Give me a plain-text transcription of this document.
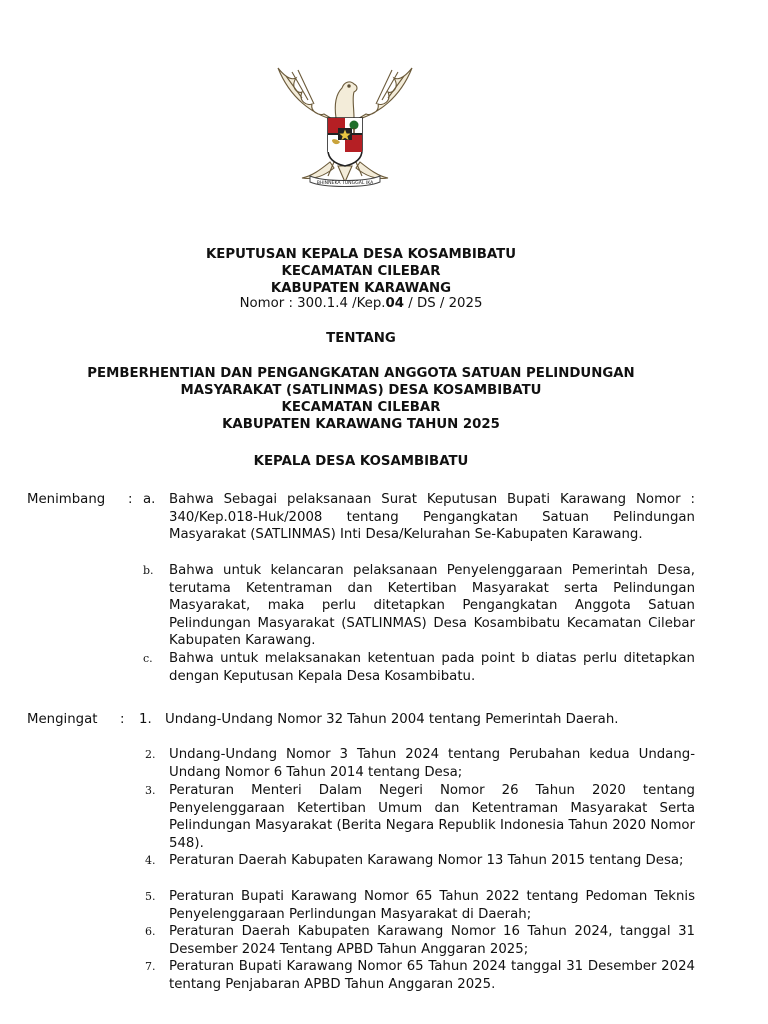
BHINNEKA TUNGGAL IKA
KEPUTUSAN KEPALA DESA KOSAMBIBATU
KECAMATAN CILEBAR
KABUPATEN KARAWANG
Nomor : 300.1.4 /Kep.04 / DS / 2025
TENTANG
PEMBERHENTIAN DAN PENGANGKATAN ANGGOTA SATUAN PELINDUNGAN
MASYARAKAT (SATLINMAS) DESA KOSAMBIBATU
KECAMATAN CILEBAR
KABUPATEN KARAWANG TAHUN 2025
KEPALA DESA KOSAMBIBATU
Menimbang : a. Bahwa Sebagai pelaksanaan Surat Keputusan Bupati Karawang Nomor : 340/Kep.018-Huk/2008 tentang Pengangkatan Satuan Pelindungan Masyarakat (SATLINMAS) Inti Desa/Kelurahan Se-Kabupaten Karawang.
b. Bahwa untuk kelancaran pelaksanaan Penyelenggaraan Pemerintah Desa, terutama Ketentraman dan Ketertiban Masyarakat serta Pelindungan Masyarakat, maka perlu ditetapkan Pengangkatan Anggota Satuan Pelindungan Masyarakat (SATLINMAS) Desa Kosambibatu Kecamatan Cilebar Kabupaten Karawang.
c. Bahwa untuk melaksanakan ketentuan pada point b diatas perlu ditetapkan dengan Keputusan Kepala Desa Kosambibatu.
Mengingat : 1. Undang-Undang Nomor 32 Tahun 2004 tentang Pemerintah Daerah.
2. Undang-Undang Nomor 3 Tahun 2024 tentang Perubahan kedua Undang-Undang Nomor 6 Tahun 2014 tentang Desa;
3. Peraturan Menteri Dalam Negeri Nomor 26 Tahun 2020 tentang Penyelenggaraan Ketertiban Umum dan Ketentraman Masyarakat Serta Pelindungan Masyarakat (Berita Negara Republik Indonesia Tahun 2020 Nomor 548).
4. Peraturan Daerah Kabupaten Karawang Nomor 13 Tahun 2015 tentang Desa;
5. Peraturan Bupati Karawang Nomor 65 Tahun 2022 tentang Pedoman Teknis Penyelenggaraan Perlindungan Masyarakat di Daerah;
6. Peraturan Daerah Kabupaten Karawang Nomor 16 Tahun 2024, tanggal 31 Desember 2024 Tentang APBD Tahun Anggaran 2025;
7. Peraturan Bupati Karawang Nomor 65 Tahun 2024 tanggal 31 Desember 2024 tentang Penjabaran APBD Tahun Anggaran 2025.
